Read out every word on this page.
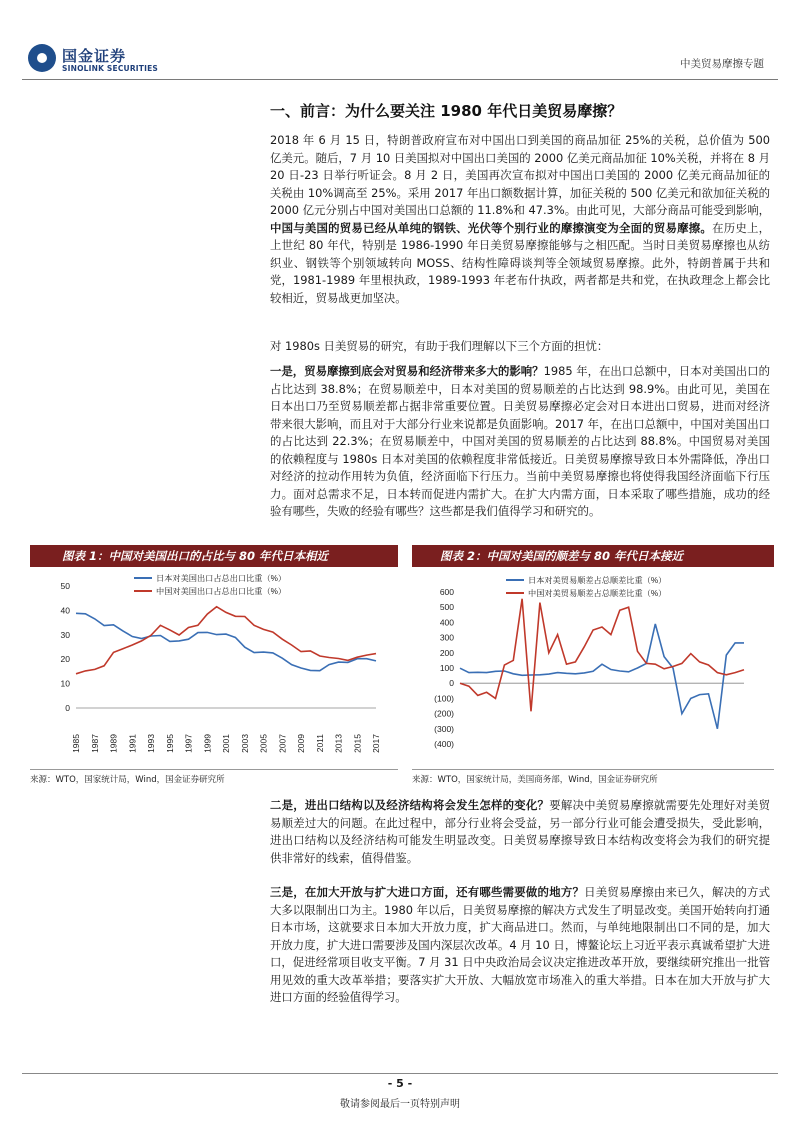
国金证券
SINOLINK SECURITIES	中美贸易摩擦专题
一、前言：为什么要关注 1980 年代日美贸易摩擦？
2018 年 6 月 15 日，特朗普政府宣布对中国出口到美国的商品加征 25%的关税，总价值为 500 亿美元。随后，7 月 10 日美国拟对中国出口美国的 2000 亿美元商品加征 10%关税，并将在 8 月 20 日-23 日举行听证会。8 月 2 日，美国再次宣布拟对中国出口美国的 2000 亿美元商品加征的关税由 10%调高至 25%。采用 2017 年出口额数据计算，加征关税的 500 亿美元和欲加征关税的 2000 亿元分别占中国对美国出口总额的 11.8%和 47.3%。由此可见，大部分商品可能受到影响，中国与美国的贸易已经从单纯的钢铁、光伏等个别行业的摩擦演变为全面的贸易摩擦。在历史上，上世纪 80 年代，特别是 1986-1990 年日美贸易摩擦能够与之相匹配。当时日美贸易摩擦也从纺织业、钢铁等个别领域转向 MOSS、结构性障碍谈判等全领域贸易摩擦。此外，特朗普属于共和党，1981-1989 年里根执政，1989-1993 年老布什执政，两者都是共和党，在执政理念上都会比较相近，贸易战更加坚决。
对 1980s 日美贸易的研究，有助于我们理解以下三个方面的担忧：
一是，贸易摩擦到底会对贸易和经济带来多大的影响？1985 年，在出口总额中，日本对美国出口的占比达到 38.8%；在贸易顺差中，日本对美国的贸易顺差的占比达到 98.9%。由此可见，美国在日本出口乃至贸易顺差都占据非常重要位置。日美贸易摩擦必定会对日本进出口贸易，进而对经济带来很大影响，而且对于大部分行业来说都是负面影响。2017 年，在出口总额中，中国对美国出口的占比达到 22.3%；在贸易顺差中，中国对美国的贸易顺差的占比达到 88.8%。中国贸易对美国的依赖程度与 1980s 日本对美国的依赖程度非常低接近。日美贸易摩擦导致日本外需降低，净出口对经济的拉动作用转为负值，经济面临下行压力。当前中美贸易摩擦也将使得我国经济面临下行压力。面对总需求不足，日本转而促进内需扩大。在扩大内需方面，日本采取了哪些措施，成功的经验有哪些，失败的经验有哪些？这些都是我们值得学习和研究的。
图表 1：中国对美国出口的占比与 80 年代日本相近	图表 2：中国对美国的顺差与 80 年代日本接近
0
10
20
30
40
50
1985 1987 1989 1991 1993 1995 1997 1999 2001 2003 2005 2007 2009 2011 2013 2015 2017
日本对美国出口占总出口比重（%）
中国对美国出口占总出口比重（%）
(400)
(300)
(200)
(100)
0
100
200
300
400
500
600
日本对美贸易顺差占总顺差比重（%）
中国对美贸易顺差占总顺差比重（%）
来源：WTO，国家统计局，Wind，国金证券研究所	来源：WTO，国家统计局，美国商务部，Wind，国金证券研究所
二是，进出口结构以及经济结构将会发生怎样的变化？要解决中美贸易摩擦就需要先处理好对美贸易顺差过大的问题。在此过程中，部分行业将会受益，另一部分行业可能会遭受损失，受此影响，进出口结构以及经济结构可能发生明显改变。日美贸易摩擦导致日本结构改变将会为我们的研究提供非常好的线索，值得借鉴。
三是，在加大开放与扩大进口方面，还有哪些需要做的地方？日美贸易摩擦由来已久，解决的方式大多以限制出口为主。1980 年以后，日美贸易摩擦的解决方式发生了明显改变。美国开始转向打通日本市场，这就要求日本加大开放力度，扩大商品进口。然而，与单纯地限制出口不同的是，加大开放力度，扩大进口需要涉及国内深层次改革。4 月 10 日，博鳌论坛上习近平表示真诚希望扩大进口，促进经常项目收支平衡。7 月 31 日中央政治局会议决定推进改革开放，要继续研究推出一批管用见效的重大改革举措；要落实扩大开放、大幅放宽市场准入的重大举措。日本在加大开放与扩大进口方面的经验值得学习。
- 5 -
敬请参阅最后一页特别声明
